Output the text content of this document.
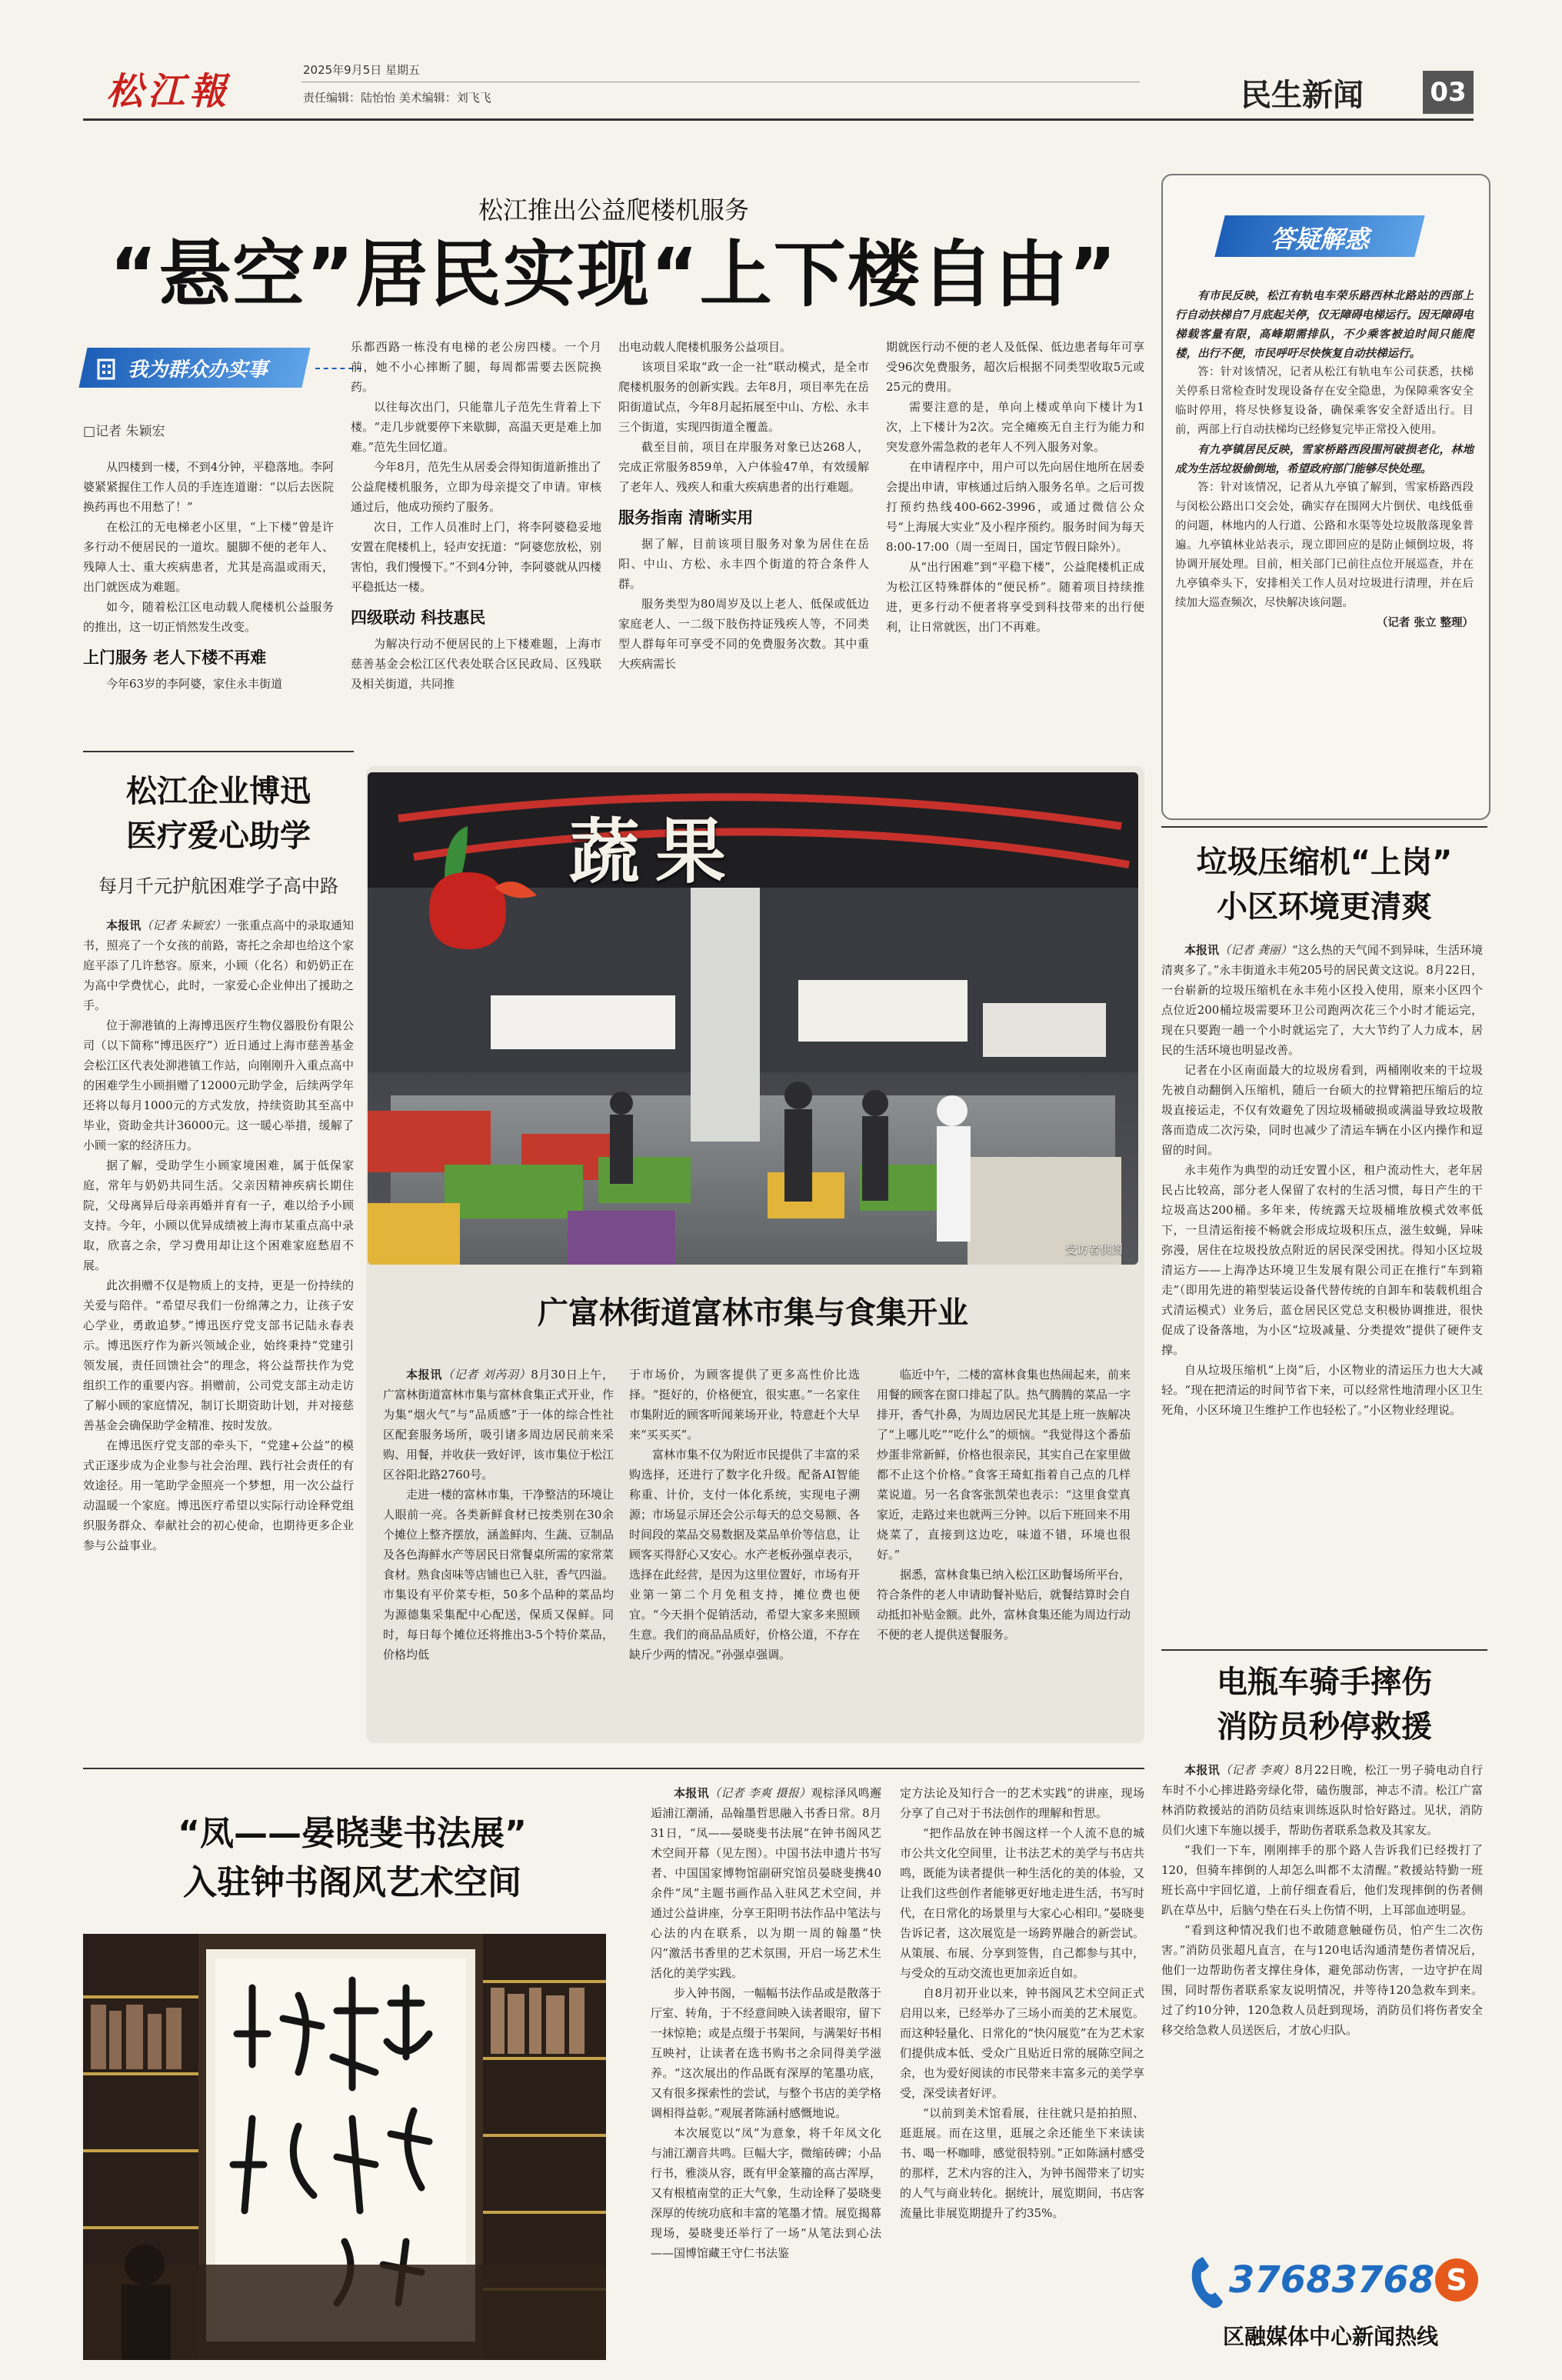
松江報	2025年9月5日 星期五
责任编辑：陆怡怡 美术编辑：刘飞飞	民生新闻	03
松江推出公益爬楼机服务
“悬空”居民实现“上下楼自由”
我为群众办实事
□记者 朱颖宏

从四楼到一楼，不到4分钟，平稳落地。李阿婆紧紧握住工作人员的手连连道谢：“以后去医院换药再也不用愁了！”

在松江的无电梯老小区里，“上下楼”曾是许多行动不便居民的一道坎。腿脚不便的老年人、残障人士、重大疾病患者，尤其是高温或雨天，出门就医成为难题。

如今，随着松江区电动载人爬楼机公益服务的推出，这一切正悄然发生改变。

上门服务 老人下楼不再难

今年63岁的李阿婆，家住永丰街道

乐都西路一栋没有电梯的老公房四楼。一个月前，她不小心摔断了腿，每周都需要去医院换药。

以往每次出门，只能靠儿子范先生背着上下楼。“走几步就要停下来歇脚，高温天更是难上加难。”范先生回忆道。

今年8月，范先生从居委会得知街道新推出了公益爬楼机服务，立即为母亲提交了申请。审核通过后，他成功预约了服务。

次日，工作人员准时上门，将李阿婆稳妥地安置在爬楼机上，轻声安抚道：“阿婆您放松，别害怕，我们慢慢下。”不到4分钟，李阿婆就从四楼平稳抵达一楼。

四级联动 科技惠民

为解决行动不便居民的上下楼难题，上海市慈善基金会松江区代表处联合区民政局、区残联及相关街道，共同推

出电动载人爬楼机服务公益项目。

该项目采取“政一企一社”联动模式，是全市爬楼机服务的创新实践。去年8月，项目率先在岳阳街道试点，今年8月起拓展至中山、方松、永丰三个街道，实现四街道全覆盖。

截至目前，项目在岸服务对象已达268人，完成正常服务859单，入户体验47单，有效缓解了老年人、残疾人和重大疾病患者的出行难题。

服务指南 清晰实用

据了解，目前该项目服务对象为居住在岳阳、中山、方松、永丰四个街道的符合条件人群。

服务类型为80周岁及以上老人、低保或低边家庭老人、一二级下肢伤持证残疾人等，不同类型人群每年可享受不同的免费服务次数。其中重大疾病需长

期就医行动不便的老人及低保、低边患者每年可享受96次免费服务，超次后根据不同类型收取5元或25元的费用。

需要注意的是，单向上楼或单向下楼计为1次，上下楼计为2次。完全瘫痪无自主行为能力和突发意外需急救的老年人不列入服务对象。

在申请程序中，用户可以先向居住地所在居委会提出申请，审核通过后纳入服务名单。之后可拨打预约热线400-662-3996，或通过微信公众号“上海展大实业”及小程序预约。服务时间为每天8:00-17:00（周一至周日，国定节假日除外）。

从“出行困难”到“平稳下楼”，公益爬楼机正成为松江区特殊群体的“便民桥”。随着项目持续推进，更多行动不便者将享受到科技带来的出行便利，让日常就医，出门不再难。

答疑解惑

有市民反映，松江有轨电车荣乐路西林北路站的西部上行自动扶梯自7月底起关停，仅无障碍电梯运行。因无障碍电梯载客量有限，高峰期需排队，不少乘客被迫时间只能爬楼，出行不便，市民呼吁尽快恢复自动扶梯运行。

答：针对该情况，记者从松江有轨电车公司获悉，扶梯关停系日常检查时发现设备存在安全隐患，为保障乘客安全临时停用，将尽快修复设备，确保乘客安全舒适出行。目前，两部上行自动扶梯均已经修复完毕正常投入使用。

有九亭镇居民反映，雪家桥路西段围河破损老化，林地成为生活垃圾偷倒地，希望政府部门能够尽快处理。

答：针对该情况，记者从九亭镇了解到，雪家桥路西段与闵松公路出口交会处，确实存在围网大片倒伏、电线低垂的问题，林地内的人行道、公路和水渠等处垃圾散落现象普遍。九亭镇林业站表示，现立即回应的是防止倾倒垃圾，将协调开展处理。目前，相关部门已前往点位开展巡查，并在九亭镇牵头下，安排相关工作人员对垃圾进行清理，并在后续加大巡查频次，尽快解决该问题。

（记者 张立 整理）
松江企业博迅
医疗爱心助学
每月千元护航困难学子高中路

本报讯（记者 朱颖宏）一张重点高中的录取通知书，照亮了一个女孩的前路，寄托之余却也给这个家庭平添了几许愁容。原来，小顾（化名）和奶奶正在为高中学费忧心，此时，一家爱心企业伸出了援助之手。

位于泖港镇的上海博迅医疗生物仪器股份有限公司（以下简称“博迅医疗”）近日通过上海市慈善基金会松江区代表处泖港镇工作站，向刚刚升入重点高中的困难学生小顾捐赠了12000元助学金，后续两学年还将以每月1000元的方式发放，持续资助其至高中毕业，资助金共计36000元。这一暖心举措，缓解了小顾一家的经济压力。

据了解，受助学生小顾家境困难，属于低保家庭，常年与奶奶共同生活。父亲因精神疾病长期住院，父母离异后母亲再婚并育有一子，难以给予小顾支持。今年，小顾以优异成绩被上海市某重点高中录取，欣喜之余，学习费用却让这个困难家庭愁眉不展。

此次捐赠不仅是物质上的支持，更是一份持续的关爱与陪伴。“希望尽我们一份绵薄之力，让孩子安心学业，勇敢追梦。”博迅医疗党支部书记陆永春表示。博迅医疗作为新兴领域企业，始终秉持“党建引领发展，责任回馈社会”的理念，将公益帮扶作为党组织工作的重要内容。捐赠前，公司党支部主动走访了解小顾的家庭情况，制订长期资助计划，并对接慈善基金会确保助学金精准、按时发放。

在博迅医疗党支部的牵头下，“党建+公益”的模式正逐步成为企业参与社会治理、践行社会责任的有效途径。用一笔助学金照亮一个梦想，用一次公益行动温暖一个家庭。博迅医疗希望以实际行动诠释党组织服务群众、奉献社会的初心使命，也期待更多企业参与公益事业。

蔬果
受访者供图
广富林街道富林市集与食集开业

本报讯（记者 刘芮羽）8月30日上午，广富林街道富林市集与富林食集正式开业，作为集“烟火气”与“品质感”于一体的综合性社区配套服务场所，吸引诸多周边居民前来采购、用餐，并收获一致好评，该市集位于松江区谷阳北路2760号。

走进一楼的富林市集，干净整洁的环境让人眼前一亮。各类新鲜食材已按类别在30余个摊位上整齐摆放，涵盖鲜肉、生蔬、豆制品及各色海鲜水产等居民日常餐桌所需的家常菜食材。熟食卤味等店铺也已入驻，香气四溢。市集设有平价菜专柜，50多个品种的菜品均为源德集采集配中心配送，保质又保鲜。同时，每日每个摊位还将推出3-5个特价菜品，价格均低

于市场价，为顾客提供了更多高性价比选择。“挺好的，价格便宜，很实惠。”一名家住市集附近的顾客听闻莱场开业，特意赶个大早来“买买买”。

富林市集不仅为附近市民提供了丰富的采购选择，还进行了数字化升级。配备AI智能称重、计价，支付一体化系统，实现电子溯源；市场显示屏还会公示每天的总交易额、各时间段的菜品交易数据及菜品单价等信息，让顾客买得舒心又安心。水产老板孙强卓表示，选择在此经营，是因为这里位置好，市场有开业第一第二个月免租支持，摊位费也便宜。“今天捐个促销活动，希望大家多来照顾生意。我们的商品品质好，价格公道，不存在缺斤少两的情况。”孙强卓强调。

临近中午，二楼的富林食集也热闹起来，前来用餐的顾客在窗口排起了队。热气腾腾的菜品一字排开，香气扑鼻，为周边居民尤其是上班一族解决了“上哪儿吃”“吃什么”的烦恼。“我觉得这个番茄炒蛋非常新鲜，价格也很亲民，其实自己在家里做都不止这个价格。”食客王琦虹指着自己点的几样菜说道。另一名食客张凯荣也表示：“这里食堂真家近，走路过来也就两三分钟。以后下班回来不用烧菜了，直接到这边吃，味道不错，环境也很好。”

据悉，富林食集已纳入松江区助餐场所平台，符合条件的老人申请助餐补贴后，就餐结算时会自动抵扣补贴金额。此外，富林食集还能为周边行动不便的老人提供送餐服务。

垃圾压缩机“上岗”
小区环境更清爽

本报讯（记者 龚丽）“这么热的天气闻不到异味，生活环境清爽多了。”永丰街道永丰苑205号的居民黄文这说。8月22日，一台崭新的垃圾压缩机在永丰苑小区投入使用，原来小区四个点位近200桶垃圾需要环卫公司跑两次花三个小时才能运完，现在只要跑一趟一个小时就运完了，大大节约了人力成本，居民的生活环境也明显改善。

记者在小区南面最大的垃圾房看到，两桶刚收来的干垃圾先被自动翻倒入压缩机，随后一台硕大的拉臂箱把压缩后的垃圾直接运走，不仅有效避免了因垃圾桶破损或满溢导致垃圾散落而造成二次污染，同时也减少了清运车辆在小区内操作和逗留的时间。

永丰苑作为典型的动迁安置小区，租户流动性大，老年居民占比较高，部分老人保留了农村的生活习惯，每日产生的干垃圾高达200桶。多年来，传统露天垃圾桶堆放模式效率低下，一旦清运衔接不畅就会形成垃圾积压点，滋生蚊蝇，异味弥漫，居住在垃圾投放点附近的居民深受困扰。得知小区垃圾清运方——上海净达环境卫生发展有限公司正在推行“车到箱走”（即用先进的箱型装运设备代替传统的自卸车和装载机组合式清运模式）业务后，蓝仓居民区党总支积极协调推进，很快促成了设备落地，为小区“垃圾减量、分类提效”提供了硬件支撑。

自从垃圾压缩机“上岗”后，小区物业的清运压力也大大减轻。“现在把清运的时间节省下来，可以经常性地清理小区卫生死角，小区环境卫生维护工作也轻松了。”小区物业经理说。

电瓶车骑手摔伤
消防员秒停救援

本报讯（记者 李爽）8月22日晚，松江一男子骑电动自行车时不小心摔进路旁绿化带，磕伤腹部，神志不清。松江广富林消防救援站的消防员结束训练返队时恰好路过。见状，消防员们火速下车施以援手，帮助伤者联系急救及其家友。

“我们一下车，刚刚摔手的那个路人告诉我们已经拨打了120，但骑车摔倒的人却怎么叫都不太清醒。”救援站特勤一班班长高中宇回忆道，上前仔细查看后，他们发现摔倒的伤者侧趴在草丛中，后脑勺垫在石头上伤情不明，上耳部血迹明显。

“看到这种情况我们也不敢随意触碰伤员，怕产生二次伤害。”消防员张超凡直言，在与120电话沟通清楚伤者情况后，他们一边帮助伤者支撑住身体，避免部动伤害，一边守护在周围，同时帮伤者联系家友说明情况，并等待120急救车到来。过了约10分钟，120急救人员赶到现场，消防员们将伤者安全移交给急救人员送医后，才放心归队。

“凤——晏晓斐书法展”
入驻钟书阁风艺术空间

本报讯（记者 李爽 摄报）观棕泽风鸣邂逅浦江潮涌，品翰墨哲思融入书香日常。8月31日，“凤——晏晓斐书法展”在钟书阁风艺术空间开幕（见左图）。中国书法申遗片书写者、中国国家博物馆副研究馆员晏晓斐携40余件“凤”主题书画作品入驻风艺术空间，并通过公益讲座，分享王阳明书法作品中笔法与心法的内在联系，以为期一周的翰墨“快闪”激活书香里的艺术氛围，开启一场艺术生活化的美学实践。

步入钟书阁，一幅幅书法作品或是散落于厅室、转角，于不经意间映入读者眼帘，留下一抹惊艳；或是点缀于书架间，与满架好书相互映衬，让读者在选书购书之余同得美学滋养。“这次展出的作品既有深厚的笔墨功底，又有很多探索性的尝试，与整个书店的美学格调相得益彰。”观展者陈涵村感慨地说。

本次展览以“凤”为意象，将千年凤文化与浦江潮音共鸣。巨幅大字，微缩砖碑；小品行书，雅淡从容，既有甲金篆籀的高古浑厚，又有根植南堂的正大气象，生动诠释了晏晓斐深厚的传统功底和丰富的笔墨才情。展览揭幕现场，晏晓斐还举行了一场“从笔法到心法——国博馆藏王守仁书法鉴

定方法论及知行合一的艺术实践”的讲座，现场分享了自己对于书法创作的理解和哲思。

“把作品放在钟书阁这样一个人流不息的城市公共文化空间里，让书法艺术的美学与书店共鸣，既能为读者提供一种生活化的美的体验，又让我们这些创作者能够更好地走进生活，书写时代，在日常化的场景里与大家心心相印。”晏晓斐告诉记者，这次展览是一场跨界融合的新尝试。从策展、布展、分享到签售，自己都参与其中，与受众的互动交流也更加亲近自如。

自8月初开业以来，钟书阁风艺术空间正式启用以来，已经举办了三场小而美的艺术展览。而这种轻量化、日常化的“快闪展览”在为艺术家们提供成本低、受众广且贴近日常的展陈空间之余，也为爱好阅读的市民带来丰富多元的美学享受，深受读者好评。

“以前到美术馆看展，往往就只是拍拍照、逛逛展。而在这里，逛展之余还能坐下来读读书、喝一杯咖啡，感觉很特别。”正如陈涵村感受的那样，艺术内容的注入，为钟书阁带来了切实的人气与商业转化。据统计，展览期间，书店客流量比非展览期提升了约35%。

37683768 S
区融媒体中心新闻热线
